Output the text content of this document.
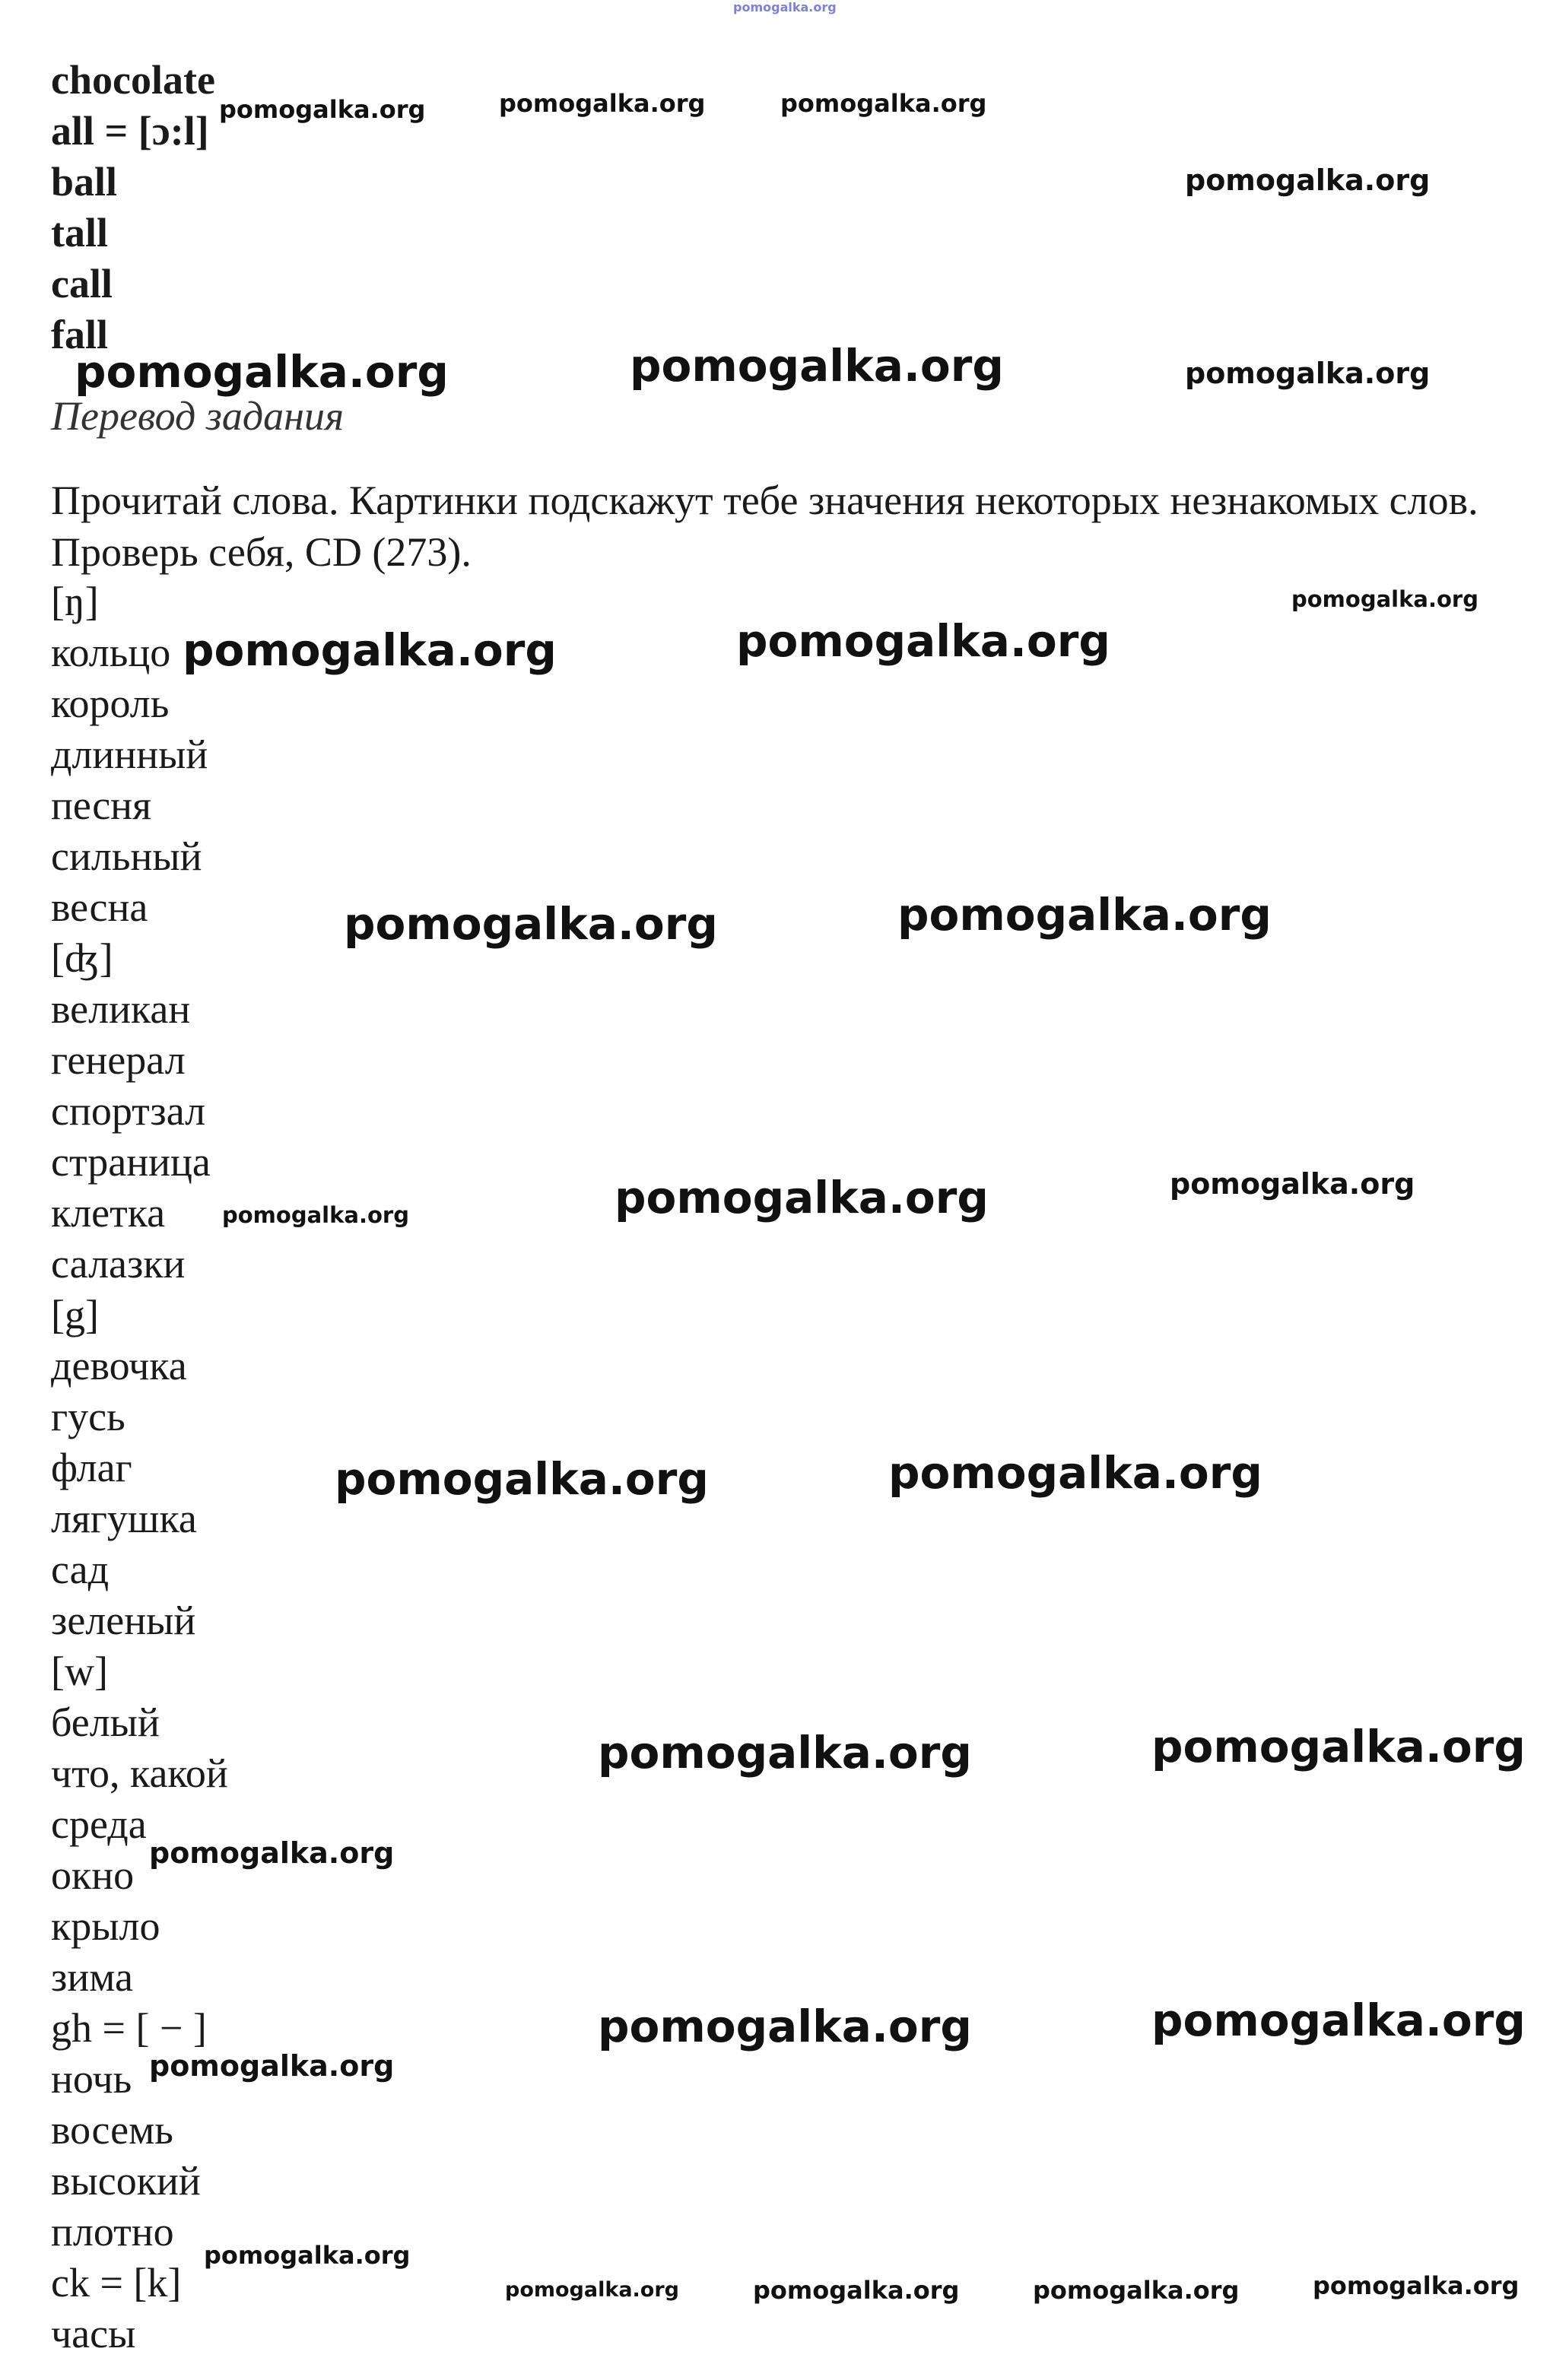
chocolate
all = [ɔ:l]
ball
tall
call
fall
Перевод задания
Прочитай слова. Картинки подскажут тебе значения некоторых незнакомых слов. Проверь себя, CD (273).
[ŋ]
кольцо
король
длинный
песня
сильный
весна
[ʤ]
великан
генерал
спортзал
страница
клетка
салазки
[g]
девочка
гусь
флаг
лягушка
сад
зеленый
[w]
белый
что, какой
среда
окно
крыло
зима
gh = [ − ]
ночь
восемь
высокий
плотно
ck = [k]
часы
pomogalka.org
pomogalka.org	pomogalka.org	pomogalka.org
pomogalka.org
pomogalka.org	pomogalka.org	pomogalka.org
pomogalka.org
pomogalka.org	pomogalka.org
pomogalka.org	pomogalka.org
pomogalka.org	pomogalka.org
pomogalka.org
pomogalka.org	pomogalka.org
pomogalka.org	pomogalka.org
pomogalka.org
pomogalka.org	pomogalka.org
pomogalka.org
pomogalka.org
pomogalka.org	pomogalka.org	pomogalka.org	pomogalka.org
